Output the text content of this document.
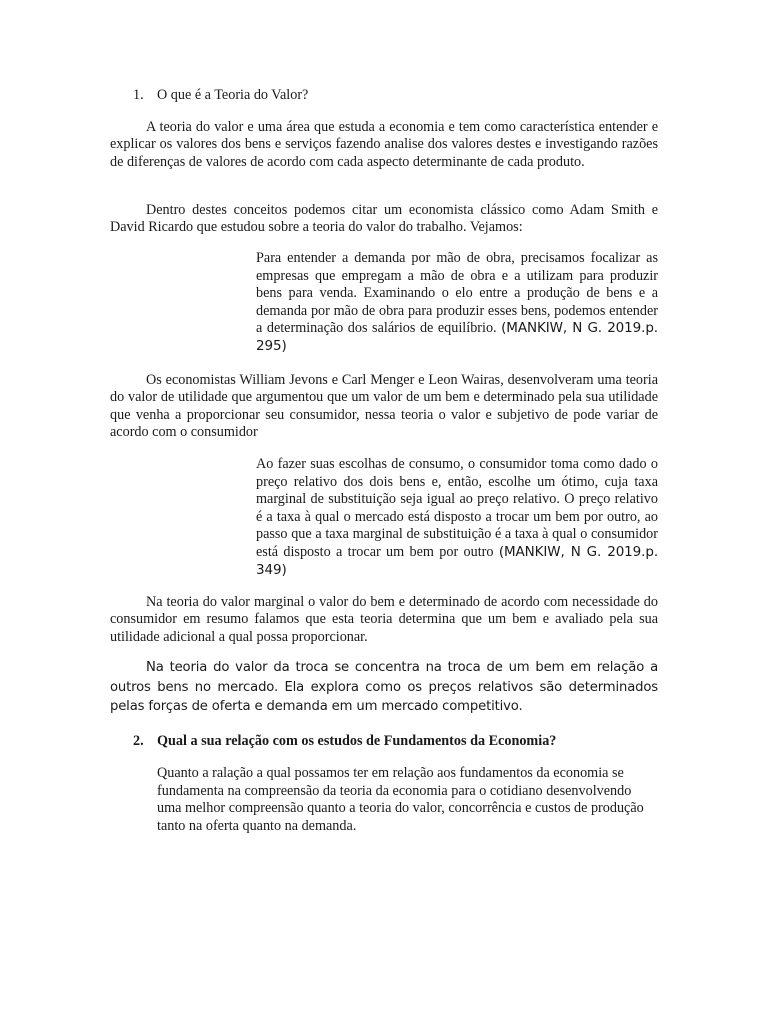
1. O que é a Teoria do Valor?

A teoria do valor e uma área que estuda a economia e tem como característica entender e explicar os valores dos bens e serviços fazendo analise dos valores destes e investigando razões de diferenças de valores de acordo com cada aspecto determinante de cada produto.

Dentro destes conceitos podemos citar um economista clássico como Adam Smith e David Ricardo que estudou sobre a teoria do valor do trabalho. Vejamos:

Para entender a demanda por mão de obra, precisamos focalizar as empresas que empregam a mão de obra e a utilizam para produzir bens para venda. Examinando o elo entre a produção de bens e a demanda por mão de obra para produzir esses bens, podemos entender a determinação dos salários de equilíbrio. (MANKIW, N G. 2019.p. 295)

Os economistas William Jevons e Carl Menger e Leon Wairas, desenvolveram uma teoria do valor de utilidade que argumentou que um valor de um bem e determinado pela sua utilidade que venha a proporcionar seu consumidor, nessa teoria o valor e subjetivo de pode variar de acordo com o consumidor

Ao fazer suas escolhas de consumo, o consumidor toma como dado o preço relativo dos dois bens e, então, escolhe um ótimo, cuja taxa marginal de substituição seja igual ao preço relativo. O preço relativo é a taxa à qual o mercado está disposto a trocar um bem por outro, ao passo que a taxa marginal de substituição é a taxa à qual o consumidor está disposto a trocar um bem por outro (MANKIW, N G. 2019.p. 349)

Na teoria do valor marginal o valor do bem e determinado de acordo com necessidade do consumidor em resumo falamos que esta teoria determina que um bem e avaliado pela sua utilidade adicional a qual possa proporcionar.

Na teoria do valor da troca se concentra na troca de um bem em relação a outros bens no mercado. Ela explora como os preços relativos são determinados pelas forças de oferta e demanda em um mercado competitivo.

2. Qual a sua relação com os estudos de Fundamentos da Economia?

Quanto a ralação a qual possamos ter em relação aos fundamentos da economia se fundamenta na compreensão da teoria da economia para o cotidiano desenvolvendo uma melhor compreensão quanto a teoria do valor, concorrência e custos de produção tanto na oferta quanto na demanda.
